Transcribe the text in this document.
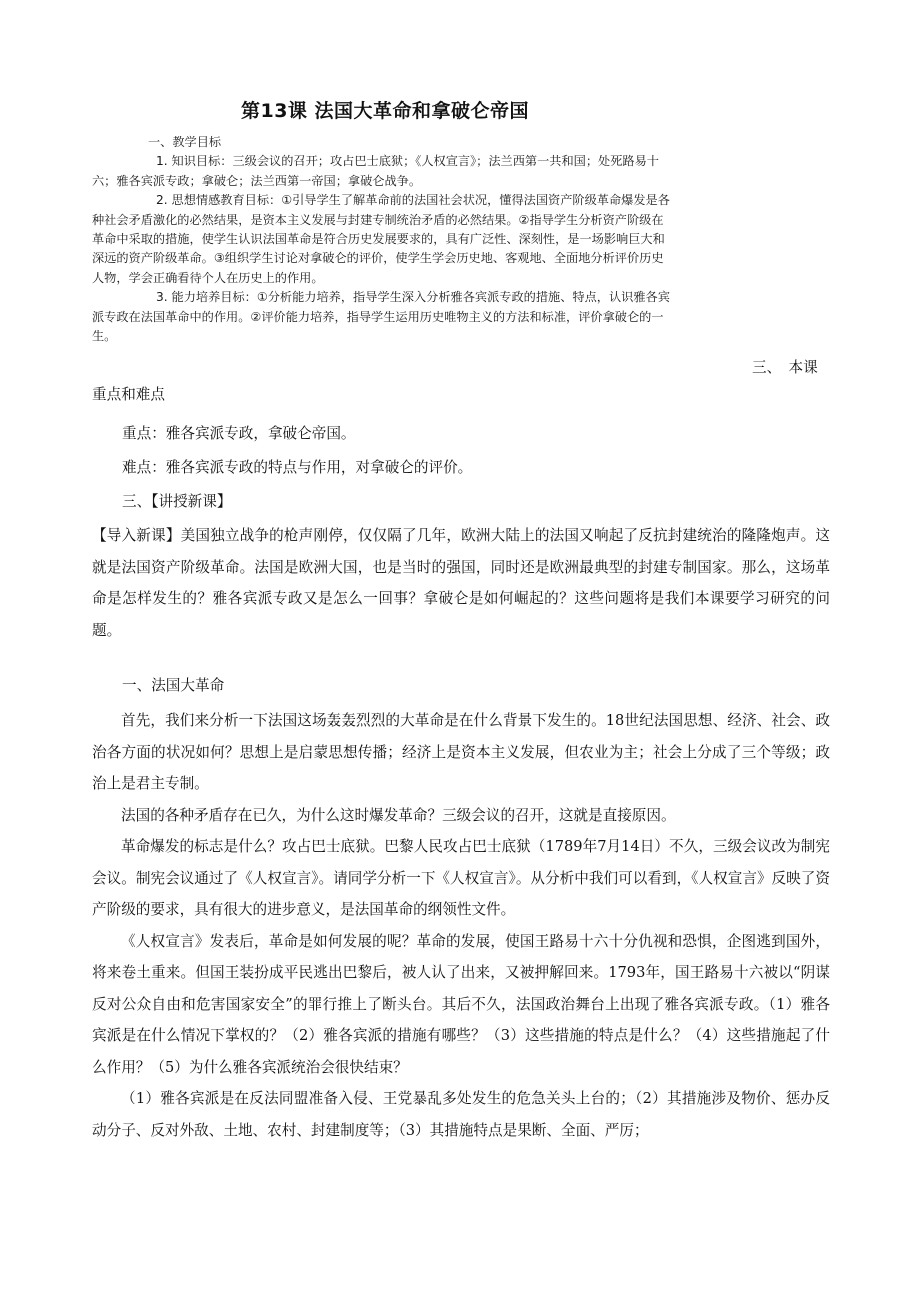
第13课 法国大革命和拿破仑帝国

一、教学目标

1. 知识目标：三级会议的召开；攻占巴士底狱；《人权宣言》；法兰西第一共和国；处死路易十六；雅各宾派专政；拿破仑；法兰西第一帝国；拿破仑战争。

2. 思想情感教育目标：①引导学生了解革命前的法国社会状况，懂得法国资产阶级革命爆发是各种社会矛盾激化的必然结果，是资本主义发展与封建专制统治矛盾的必然结果。②指导学生分析资产阶级在革命中采取的措施，使学生认识法国革命是符合历史发展要求的，具有广泛性、深刻性，是一场影响巨大和深远的资产阶级革命。③组织学生讨论对拿破仑的评价，使学生学会历史地、客观地、全面地分析评价历史人物，学会正确看待个人在历史上的作用。

3. 能力培养目标：①分析能力培养，指导学生深入分析雅各宾派专政的措施、特点，认识雅各宾派专政在法国革命中的作用。②评价能力培养，指导学生运用历史唯物主义的方法和标准，评价拿破仑的一生。

三、　本课
重点和难点
重点：雅各宾派专政，拿破仑帝国。
难点：雅各宾派专政的特点与作用，对拿破仑的评价。
三、【讲授新课】

【导入新课】美国独立战争的枪声刚停，仅仅隔了几年，欧洲大陆上的法国又响起了反抗封建统治的隆隆炮声。这就是法国资产阶级革命。法国是欧洲大国，也是当时的强国，同时还是欧洲最典型的封建专制国家。那么，这场革命是怎样发生的？雅各宾派专政又是怎么一回事？拿破仑是如何崛起的？这些问题将是我们本课要学习研究的问题。

一、法国大革命

首先，我们来分析一下法国这场轰轰烈烈的大革命是在什么背景下发生的。18世纪法国思想、经济、社会、政治各方面的状况如何？思想上是启蒙思想传播；经济上是资本主义发展，但农业为主；社会上分成了三个等级；政治上是君主专制。

法国的各种矛盾存在已久，为什么这时爆发革命？三级会议的召开，这就是直接原因。

革命爆发的标志是什么？攻占巴士底狱。巴黎人民攻占巴士底狱（1789年7月14日）不久，三级会议改为制宪会议。制宪会议通过了《人权宣言》。请同学分析一下《人权宣言》。从分析中我们可以看到，《人权宣言》反映了资产阶级的要求，具有很大的进步意义，是法国革命的纲领性文件。

《人权宣言》发表后，革命是如何发展的呢？革命的发展，使国王路易十六十分仇视和恐惧，企图逃到国外，将来卷土重来。但国王装扮成平民逃出巴黎后，被人认了出来，又被押解回来。1793年，国王路易十六被以“阴谋反对公众自由和危害国家安全”的罪行推上了断头台。其后不久，法国政治舞台上出现了雅各宾派专政。（1）雅各宾派是在什么情况下掌权的？（2）雅各宾派的措施有哪些？（3）这些措施的特点是什么？（4）这些措施起了什么作用？（5）为什么雅各宾派统治会很快结束？

（1）雅各宾派是在反法同盟准备入侵、王党暴乱多处发生的危急关头上台的；（2）其措施涉及物价、惩办反动分子、反对外敌、土地、农村、封建制度等；（3）其措施特点是果断、全面、严厉；
